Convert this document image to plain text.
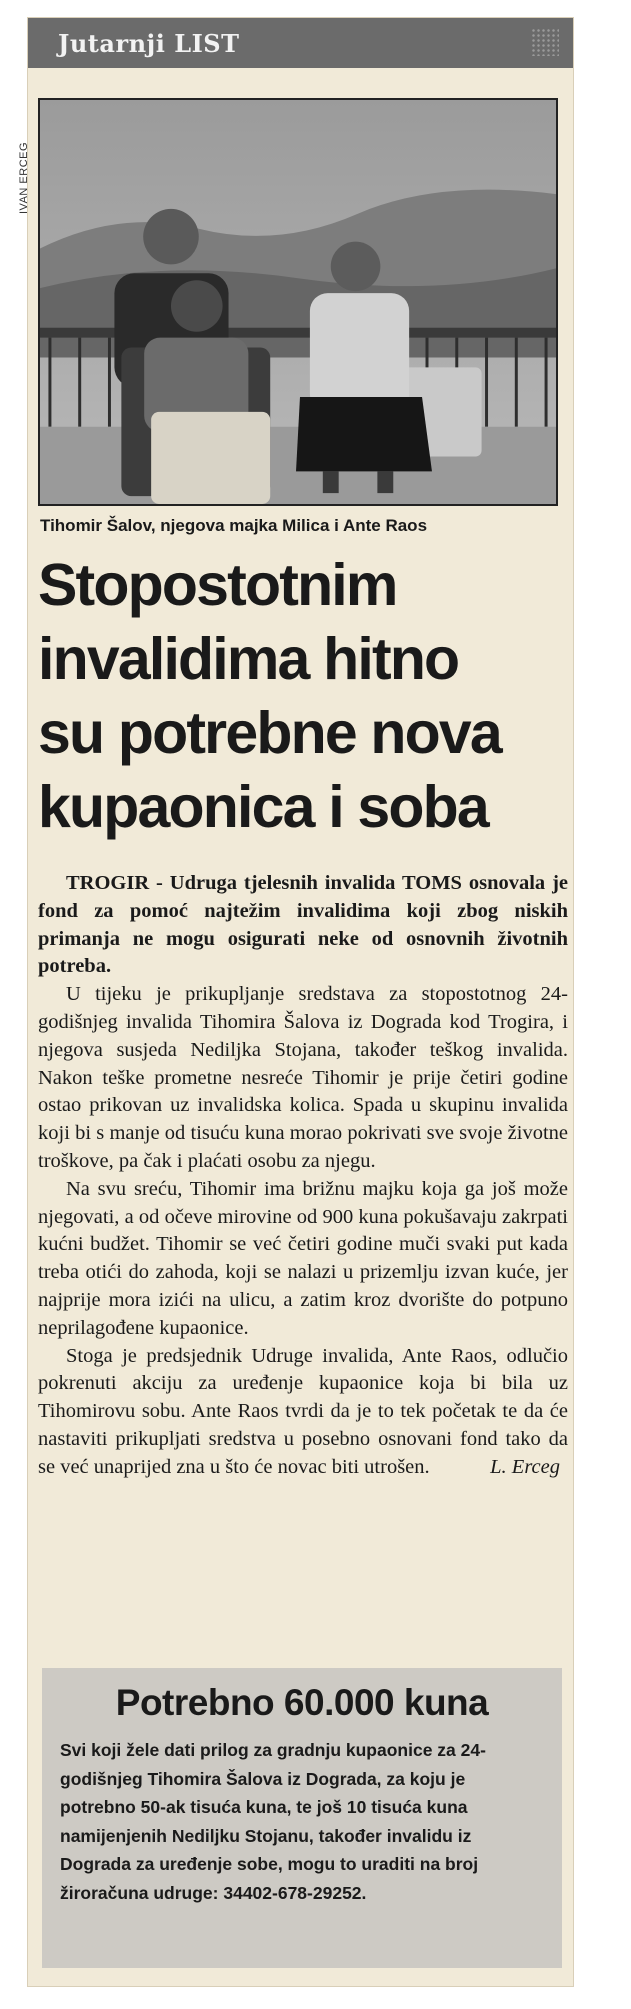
Jutarnji LIST
IVAN ERCEG
Tihomir Šalov, njegova majka Milica i Ante Raos
Stopostotnim
invalidima hitno
su potrebne nova
kupaonica i soba

TROGIR - Udruga tjelesnih invalida TOMS osnovala je fond za pomoć najtežim invalidima koji zbog niskih primanja ne mogu osigurati neke od osnovnih životnih potreba.

U tijeku je prikupljanje sredstava za stopostotnog 24-godišnjeg invalida Tihomira Šalova iz Dograda kod Trogira, i njegova susjeda Nediljka Stojana, također teškog invalida. Nakon teške prometne nesreće Tihomir je prije četiri godine ostao prikovan uz invalidska kolica. Spada u skupinu invalida koji bi s manje od tisuću kuna morao pokrivati sve svoje životne troškove, pa čak i plaćati osobu za njegu.

Na svu sreću, Tihomir ima brižnu majku koja ga još može njegovati, a od očeve mirovine od 900 kuna pokušavaju zakrpati kućni budžet. Tihomir se već četiri godine muči svaki put kada treba otići do zahoda, koji se nalazi u prizemlju izvan kuće, jer najprije mora izići na ulicu, a zatim kroz dvorište do potpuno neprilagođene kupaonice.

Stoga je predsjednik Udruge invalida, Ante Raos, odlučio pokrenuti akciju za uređenje kupaonice koja bi bila uz Tihomirovu sobu. Ante Raos tvrdi da je to tek početak te da će nastaviti prikupljati sredstva u posebno osnovani fond tako da se već unaprijed zna u što će novac biti utrošen.	L. Erceg
Potrebno 60.000 kuna
Svi koji žele dati prilog za gradnju kupaonice za 24-godišnjeg Tihomira Šalova iz Dograda, za koju je potrebno 50-ak tisuća kuna, te još 10 tisuća kuna namijenjenih Nediljku Stojanu, također invalidu iz Dograda za uređenje sobe, mogu to uraditi na broj žiroračuna udruge: 34402-678-29252.
